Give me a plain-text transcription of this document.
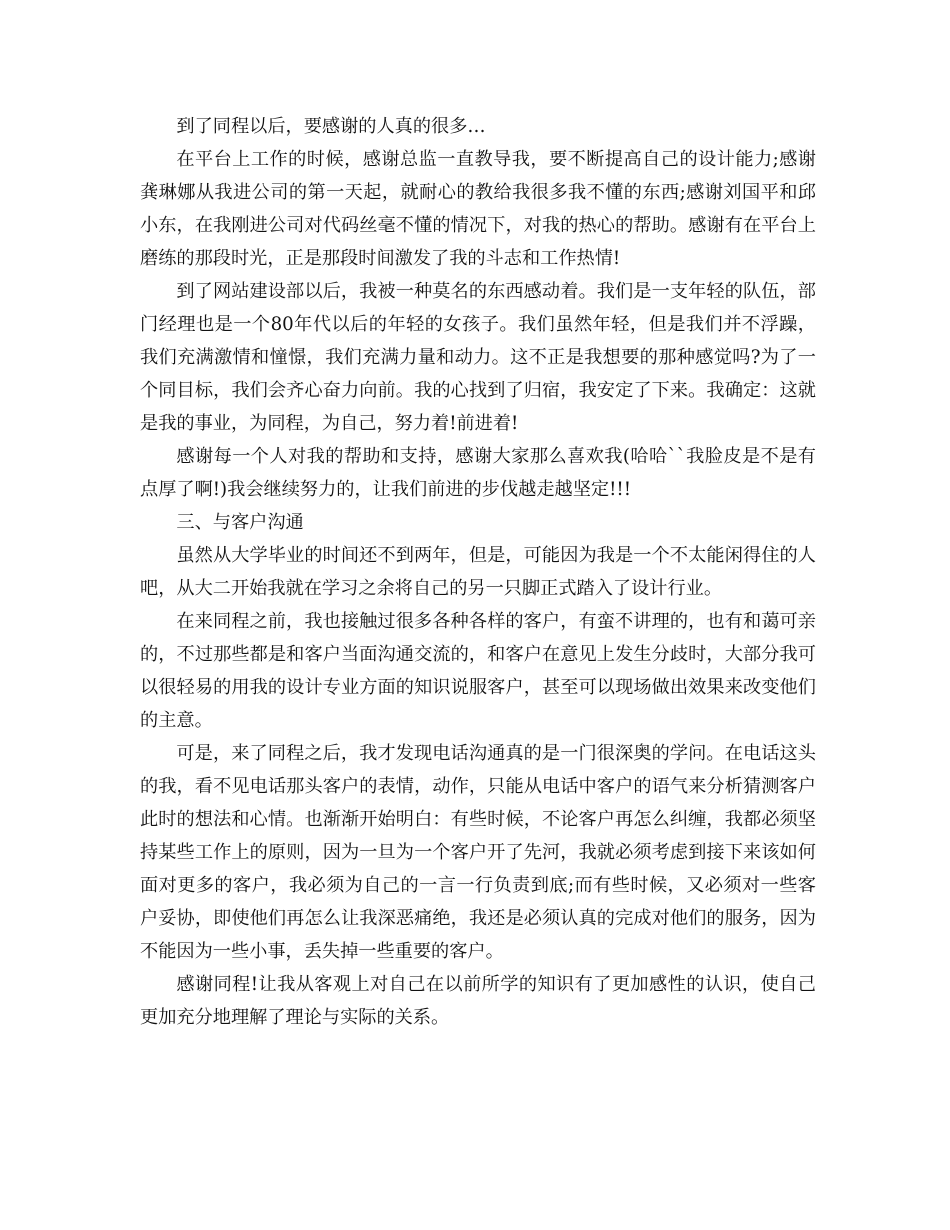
到了同程以后，要感谢的人真的很多…

在平台上工作的时候，感谢总监一直教导我，要不断提高自己的设计能力;感谢龚琳娜从我进公司的第一天起，就耐心的教给我很多我不懂的东西;感谢刘国平和邱小东，在我刚进公司对代码丝毫不懂的情况下，对我的热心的帮助。感谢有在平台上磨练的那段时光，正是那段时间激发了我的斗志和工作热情!

到了网站建设部以后，我被一种莫名的东西感动着。我们是一支年轻的队伍，部门经理也是一个80年代以后的年轻的女孩子。我们虽然年轻，但是我们并不浮躁，我们充满激情和憧憬，我们充满力量和动力。这不正是我想要的那种感觉吗?为了一个同目标，我们会齐心奋力向前。我的心找到了归宿，我安定了下来。我确定：这就是我的事业，为同程，为自己，努力着!前进着!

感谢每一个人对我的帮助和支持，感谢大家那么喜欢我(哈哈``我脸皮是不是有点厚了啊!)我会继续努力的，让我们前进的步伐越走越坚定!!!

三、与客户沟通

虽然从大学毕业的时间还不到两年，但是，可能因为我是一个不太能闲得住的人吧，从大二开始我就在学习之余将自己的另一只脚正式踏入了设计行业。

在来同程之前，我也接触过很多各种各样的客户，有蛮不讲理的，也有和蔼可亲的，不过那些都是和客户当面沟通交流的，和客户在意见上发生分歧时，大部分我可以很轻易的用我的设计专业方面的知识说服客户，甚至可以现场做出效果来改变他们的主意。

可是，来了同程之后，我才发现电话沟通真的是一门很深奥的学问。在电话这头的我，看不见电话那头客户的表情，动作，只能从电话中客户的语气来分析猜测客户此时的想法和心情。也渐渐开始明白：有些时候，不论客户再怎么纠缠，我都必须坚持某些工作上的原则，因为一旦为一个客户开了先河，我就必须考虑到接下来该如何面对更多的客户，我必须为自己的一言一行负责到底;而有些时候，又必须对一些客户妥协，即使他们再怎么让我深恶痛绝，我还是必须认真的完成对他们的服务，因为不能因为一些小事，丢失掉一些重要的客户。

感谢同程!让我从客观上对自己在以前所学的知识有了更加感性的认识，使自己更加充分地理解了理论与实际的关系。
